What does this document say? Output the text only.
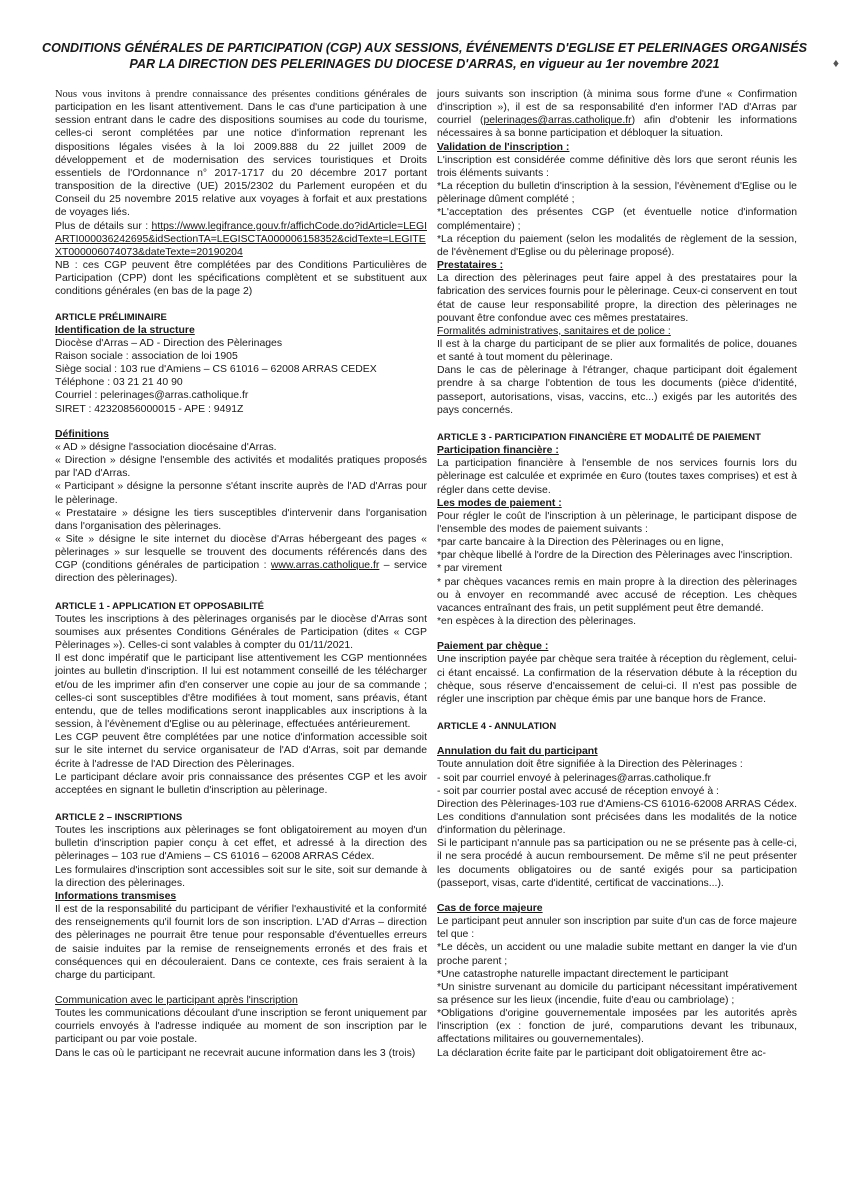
CONDITIONS GÉNÉRALES DE PARTICIPATION (CGP) AUX SESSIONS, ÉVÉNEMENTS D'EGLISE ET PELERINAGES ORGANISÉS
PAR LA DIRECTION DES PELERINAGES DU DIOCESE D'ARRAS, en vigueur au 1er novembre 2021	♦

Nous vous invitons à prendre connaissance des présentes conditions générales de participation en les lisant attentivement. Dans le cas d'une participation à une session entrant dans le cadre des dispositions soumises au code du tourisme, celles-ci seront complétées par une notice d'information reprenant les dispositions légales visées à la loi 2009.888 du 22 juillet 2009 de développement et de modernisation des services touristiques et Droits essentiels de l'Ordonnance n° 2017-1717 du 20 décembre 2017 portant transposition de la directive (UE) 2015/2302 du Parlement européen et du Conseil du 25 novembre 2015 relative aux voyages à forfait et aux prestations de voyages liés.

Plus de détails sur : https://www.legifrance.gouv.fr/affichCode.do?idArticle=LEGIARTI000036242695&idSectionTA=LEGISCTA000006158352&cidTexte=LEGITEXT000006074073&dateTexte=20190204

NB : ces CGP peuvent être complétées par des Conditions Particulières de Participation (CPP) dont les spécifications complètent et se substituent aux conditions générales (en bas de la page 2)

ARTICLE PRÉLIMINAIRE

Identification de la structure

Diocèse d'Arras – AD - Direction des Pèlerinages

Raison sociale : association de loi 1905

Siège social : 103 rue d'Amiens – CS 61016 – 62008 ARRAS CEDEX

Téléphone : 03 21 21 40 90

Courriel : pelerinages@arras.catholique.fr

SIRET : 42320856000015 - APE : 9491Z

Définitions

« AD » désigne l'association diocésaine d'Arras.

« Direction » désigne l'ensemble des activités et modalités pratiques proposés par l'AD d'Arras.

« Participant » désigne la personne s'étant inscrite auprès de l'AD d'Arras pour le pèlerinage.

« Prestataire » désigne les tiers susceptibles d'intervenir dans l'organisation dans l'organisation des pèlerinages.

« Site » désigne le site internet du diocèse d'Arras hébergeant des pages « pèlerinages » sur lesquelle se trouvent des documents référencés dans des CGP (conditions générales de participation : www.arras.catholique.fr – service direction des pèlerinages).

ARTICLE 1 - APPLICATION ET OPPOSABILITÉ

Toutes les inscriptions à des pèlerinages organisés par le diocèse d'Arras sont soumises aux présentes Conditions Générales de Participation (dites « CGP Pèlerinages »). Celles-ci sont valables à compter du 01/11/2021.

Il est donc impératif que le participant lise attentivement les CGP mentionnées jointes au bulletin d'inscription. Il lui est notamment conseillé de les télécharger et/ou de les imprimer afin d'en conserver une copie au jour de sa commande ; celles-ci sont susceptibles d'être modifiées à tout moment, sans préavis, étant entendu, que de telles modifications seront inapplicables aux inscriptions à la session, à l'évènement d'Eglise ou au pèlerinage, effectuées antérieurement.

Les CGP peuvent être complétées par une notice d'information accessible soit sur le site internet du service organisateur de l'AD d'Arras, soit par demande écrite à l'adresse de l'AD Direction des Pèlerinages.

Le participant déclare avoir pris connaissance des présentes CGP et les avoir acceptées en signant le bulletin d'inscription au pèlerinage.

ARTICLE 2 – INSCRIPTIONS

Toutes les inscriptions aux pèlerinages se font obligatoirement au moyen d'un bulletin d'inscription papier conçu à cet effet, et adressé à la direction des pèlerinages – 103 rue d'Amiens – CS 61016 – 62008 ARRAS Cédex.

Les formulaires d'inscription sont accessibles soit sur le site, soit sur demande à la direction des pèlerinages.

Informations transmises

Il est de la responsabilité du participant de vérifier l'exhaustivité et la conformité des renseignements qu'il fournit lors de son inscription. L'AD d'Arras – direction des pèlerinages ne pourrait être tenue pour responsable d'éventuelles erreurs de saisie induites par la remise de renseignements erronés et des frais et conséquences qui en découleraient. Dans ce contexte, ces frais seraient à la charge du participant.

Communication avec le participant après l'inscription

Toutes les communications découlant d'une inscription se feront uniquement par courriels envoyés à l'adresse indiquée au moment de son inscription par le participant ou par voie postale.

Dans le cas où le participant ne recevrait aucune information dans les 3 (trois)

jours suivants son inscription (à minima sous forme d'une « Confirmation d'inscription »), il est de sa responsabilité d'en informer l'AD d'Arras par courriel (pelerinages@arras.catholique.fr) afin d'obtenir les informations nécessaires à sa bonne participation et débloquer la situation.

Validation de l'inscription :

L'inscription est considérée comme définitive dès lors que seront réunis les trois éléments suivants :

*La réception du bulletin d'inscription à la session, l'évènement d'Eglise ou le pèlerinage dûment complété ;

*L'acceptation des présentes CGP (et éventuelle notice d'information complémentaire) ;

*La réception du paiement (selon les modalités de règlement de la session, de l'évènement d'Eglise ou du pèlerinage proposé).

Prestataires :

La direction des pèlerinages peut faire appel à des prestataires pour la fabrication des services fournis pour le pèlerinage. Ceux-ci conservent en tout état de cause leur responsabilité propre, la direction des pèlerinages ne pouvant être confondue avec ces mêmes prestataires.

Formalités administratives, sanitaires et de police :

Il est à la charge du participant de se plier aux formalités de police, douanes et santé à tout moment du pèlerinage.

Dans le cas de pèlerinage à l'étranger, chaque participant doit également prendre à sa charge l'obtention de tous les documents (pièce d'identité, passeport, autorisations, visas, vaccins, etc...) exigés par les autorités des pays concernés.

ARTICLE 3 - PARTICIPATION FINANCIÈRE ET MODALITÉ DE PAIEMENT

Participation financière :

La participation financière à l'ensemble de nos services fournis lors du pèlerinage est calculée et exprimée en €uro (toutes taxes comprises) et est à régler dans cette devise.

Les modes de paiement :

Pour régler le coût de l'inscription à un pèlerinage, le participant dispose de l'ensemble des modes de paiement suivants :

*par carte bancaire à la Direction des Pèlerinages ou en ligne,

*par chèque libellé à l'ordre de la Direction des Pèlerinages avec l'inscription.

* par virement

* par chèques vacances remis en main propre à la direction des pèlerinages ou à envoyer en recommandé avec accusé de réception. Les chèques vacances entraînant des frais, un petit supplément peut être demandé.

*en espèces à la direction des pèlerinages.

Paiement par chèque :

Une inscription payée par chèque sera traitée à réception du règlement, celui-ci étant encaissé. La confirmation de la réservation débute à la réception du chèque, sous réserve d'encaissement de celui-ci. Il n'est pas possible de régler une inscription par chèque émis par une banque hors de France.

ARTICLE 4 - ANNULATION

Annulation du fait du participant

Toute annulation doit être signifiée à la Direction des Pèlerinages :

- soit par courriel envoyé à pelerinages@arras.catholique.fr

- soit par courrier postal avec accusé de réception envoyé à :

Direction des Pèlerinages-103 rue d'Amiens-CS 61016-62008 ARRAS Cédex.

Les conditions d'annulation sont précisées dans les modalités de la notice d'information du pèlerinage.

Si le participant n'annule pas sa participation ou ne se présente pas à celle-ci, il ne sera procédé à aucun remboursement. De même s'il ne peut présenter les documents obligatoires ou de santé exigés pour sa participation (passeport, visas, carte d'identité, certificat de vaccinations...).

Cas de force majeure

Le participant peut annuler son inscription par suite d'un cas de force majeure tel que :

*Le décès, un accident ou une maladie subite mettant en danger la vie d'un proche parent ;

*Une catastrophe naturelle impactant directement le participant

*Un sinistre survenant au domicile du participant nécessitant impérativement sa présence sur les lieux (incendie, fuite d'eau ou cambriolage) ;

*Obligations d'origine gouvernementale imposées par les autorités après l'inscription (ex : fonction de juré, comparutions devant les tribunaux, affectations militaires ou gouvernementales).

La déclaration écrite faite par le participant doit obligatoirement être ac-
